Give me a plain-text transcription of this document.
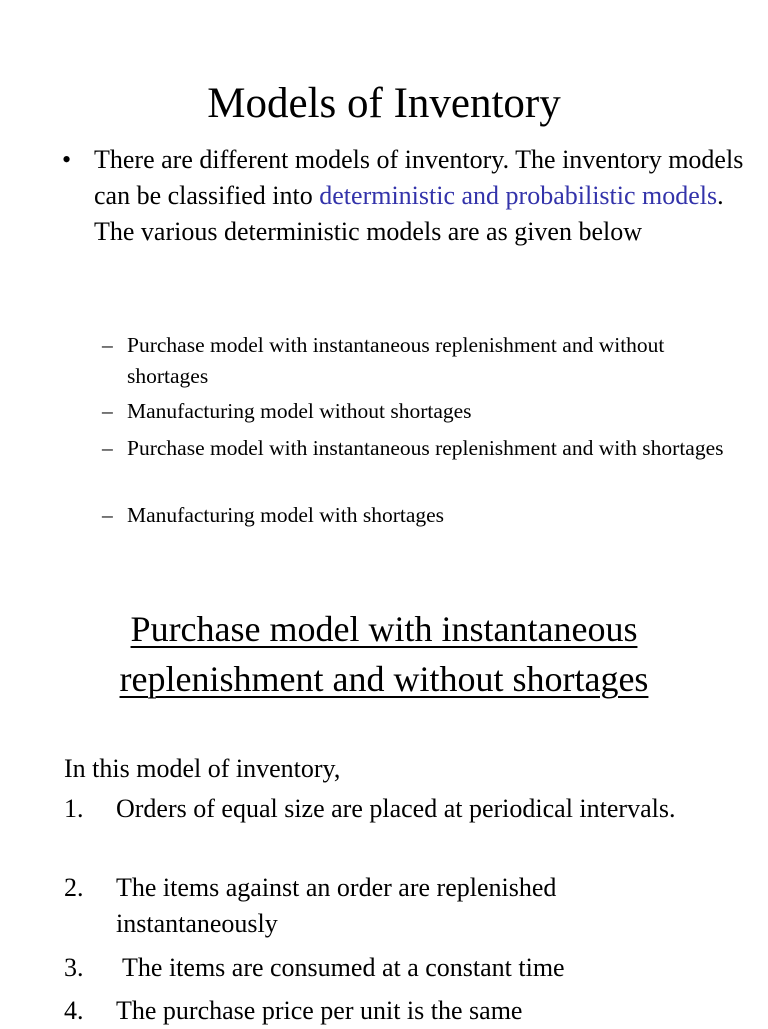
Models of Inventory
• There are different models of inventory. The inventory models can be classified into deterministic and probabilistic models. The various deterministic models are as given below

– Purchase model with instantaneous replenishment and without shortages

– Manufacturing model without shortages

– Purchase model with instantaneous replenishment and with shortages

– Manufacturing model with shortages

Purchase model with instantaneous
replenishment and without shortages

In this model of inventory,

1. Orders of equal size are placed at periodical intervals.

2. The items against an order are replenished instantaneously

3. The items are consumed at a constant time

4. The purchase price per unit is the same
